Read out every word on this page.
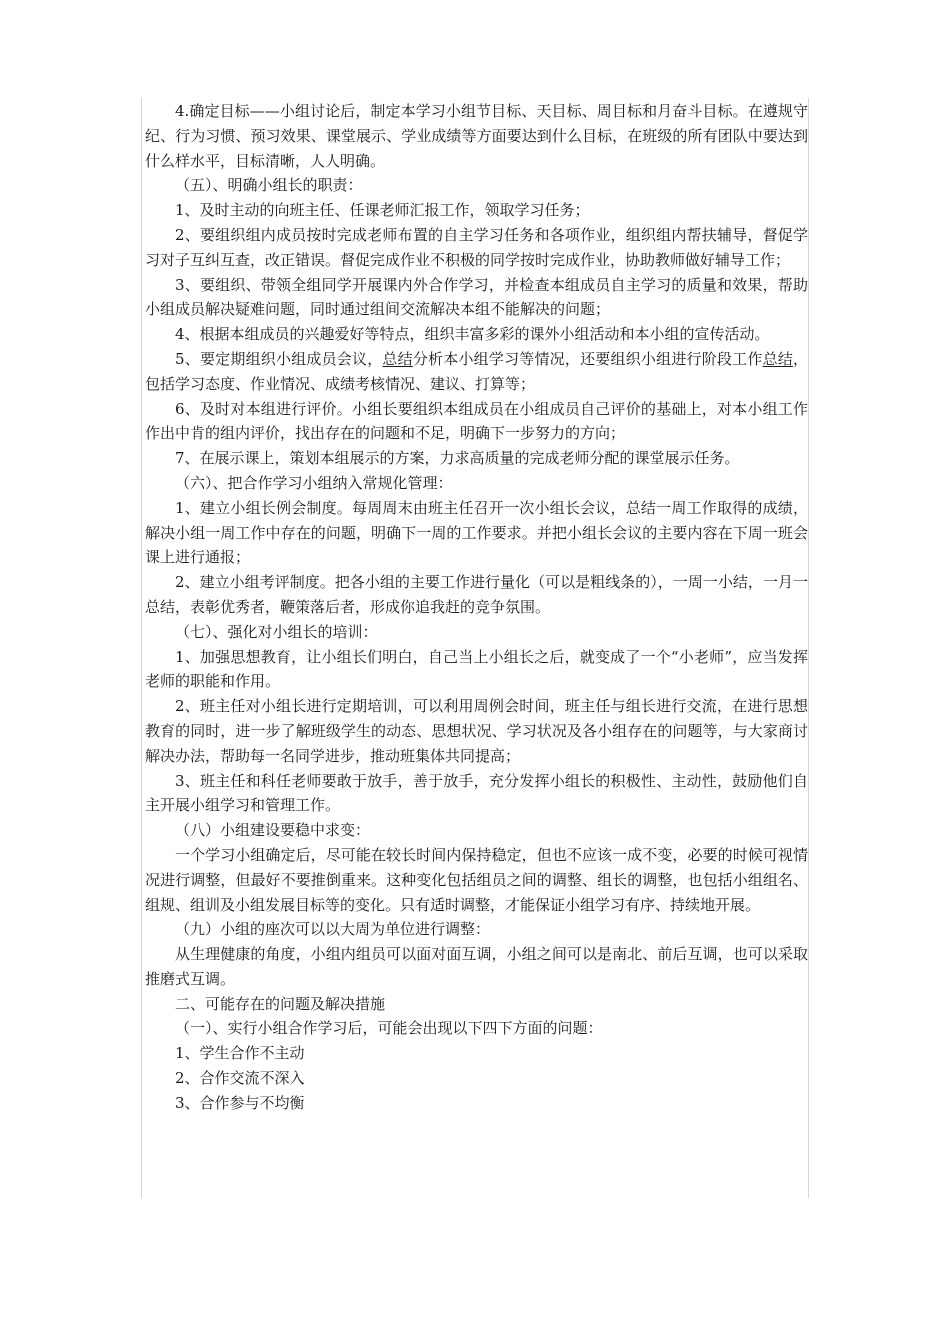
4.确定目标——小组讨论后，制定本学习小组节目标、天目标、周目标和月奋斗目标。在遵规守纪、行为习惯、预习效果、课堂展示、学业成绩等方面要达到什么目标，在班级的所有团队中要达到什么样水平，目标清晰，人人明确。

（五）、明确小组长的职责：

1、及时主动的向班主任、任课老师汇报工作，领取学习任务；

2、要组织组内成员按时完成老师布置的自主学习任务和各项作业，组织组内帮扶辅导，督促学习对子互纠互查，改正错误。督促完成作业不积极的同学按时完成作业，协助教师做好辅导工作；

3、要组织、带领全组同学开展课内外合作学习，并检查本组成员自主学习的质量和效果，帮助小组成员解决疑难问题，同时通过组间交流解决本组不能解决的问题；

4、根据本组成员的兴趣爱好等特点，组织丰富多彩的课外小组活动和本小组的宣传活动。

5、要定期组织小组成员会议，总结分析本小组学习等情况，还要组织小组进行阶段工作总结，包括学习态度、作业情况、成绩考核情况、建议、打算等；

6、及时对本组进行评价。小组长要组织本组成员在小组成员自己评价的基础上，对本小组工作作出中肯的组内评价，找出存在的问题和不足，明确下一步努力的方向；

7、在展示课上，策划本组展示的方案，力求高质量的完成老师分配的课堂展示任务。

（六）、把合作学习小组纳入常规化管理：

1、建立小组长例会制度。每周周末由班主任召开一次小组长会议，总结一周工作取得的成绩，解决小组一周工作中存在的问题，明确下一周的工作要求。并把小组长会议的主要内容在下周一班会课上进行通报；

2、建立小组考评制度。把各小组的主要工作进行量化（可以是粗线条的），一周一小结，一月一总结，表彰优秀者，鞭策落后者，形成你追我赶的竞争氛围。

（七）、强化对小组长的培训：

1、加强思想教育，让小组长们明白，自己当上小组长之后，就变成了一个“小老师”，应当发挥老师的职能和作用。

2、班主任对小组长进行定期培训，可以利用周例会时间，班主任与组长进行交流，在进行思想教育的同时，进一步了解班级学生的动态、思想状况、学习状况及各小组存在的问题等，与大家商讨解决办法，帮助每一名同学进步，推动班集体共同提高；

3、班主任和科任老师要敢于放手，善于放手，充分发挥小组长的积极性、主动性，鼓励他们自主开展小组学习和管理工作。

（八）小组建设要稳中求变：

一个学习小组确定后，尽可能在较长时间内保持稳定，但也不应该一成不变，必要的时候可视情况进行调整，但最好不要推倒重来。这种变化包括组员之间的调整、组长的调整，也包括小组组名、组规、组训及小组发展目标等的变化。只有适时调整，才能保证小组学习有序、持续地开展。

（九）小组的座次可以以大周为单位进行调整：

从生理健康的角度，小组内组员可以面对面互调，小组之间可以是南北、前后互调，也可以采取推磨式互调。

二、可能存在的问题及解决措施

（一）、实行小组合作学习后，可能会出现以下四下方面的问题：

1、学生合作不主动

2、合作交流不深入

3、合作参与不均衡
